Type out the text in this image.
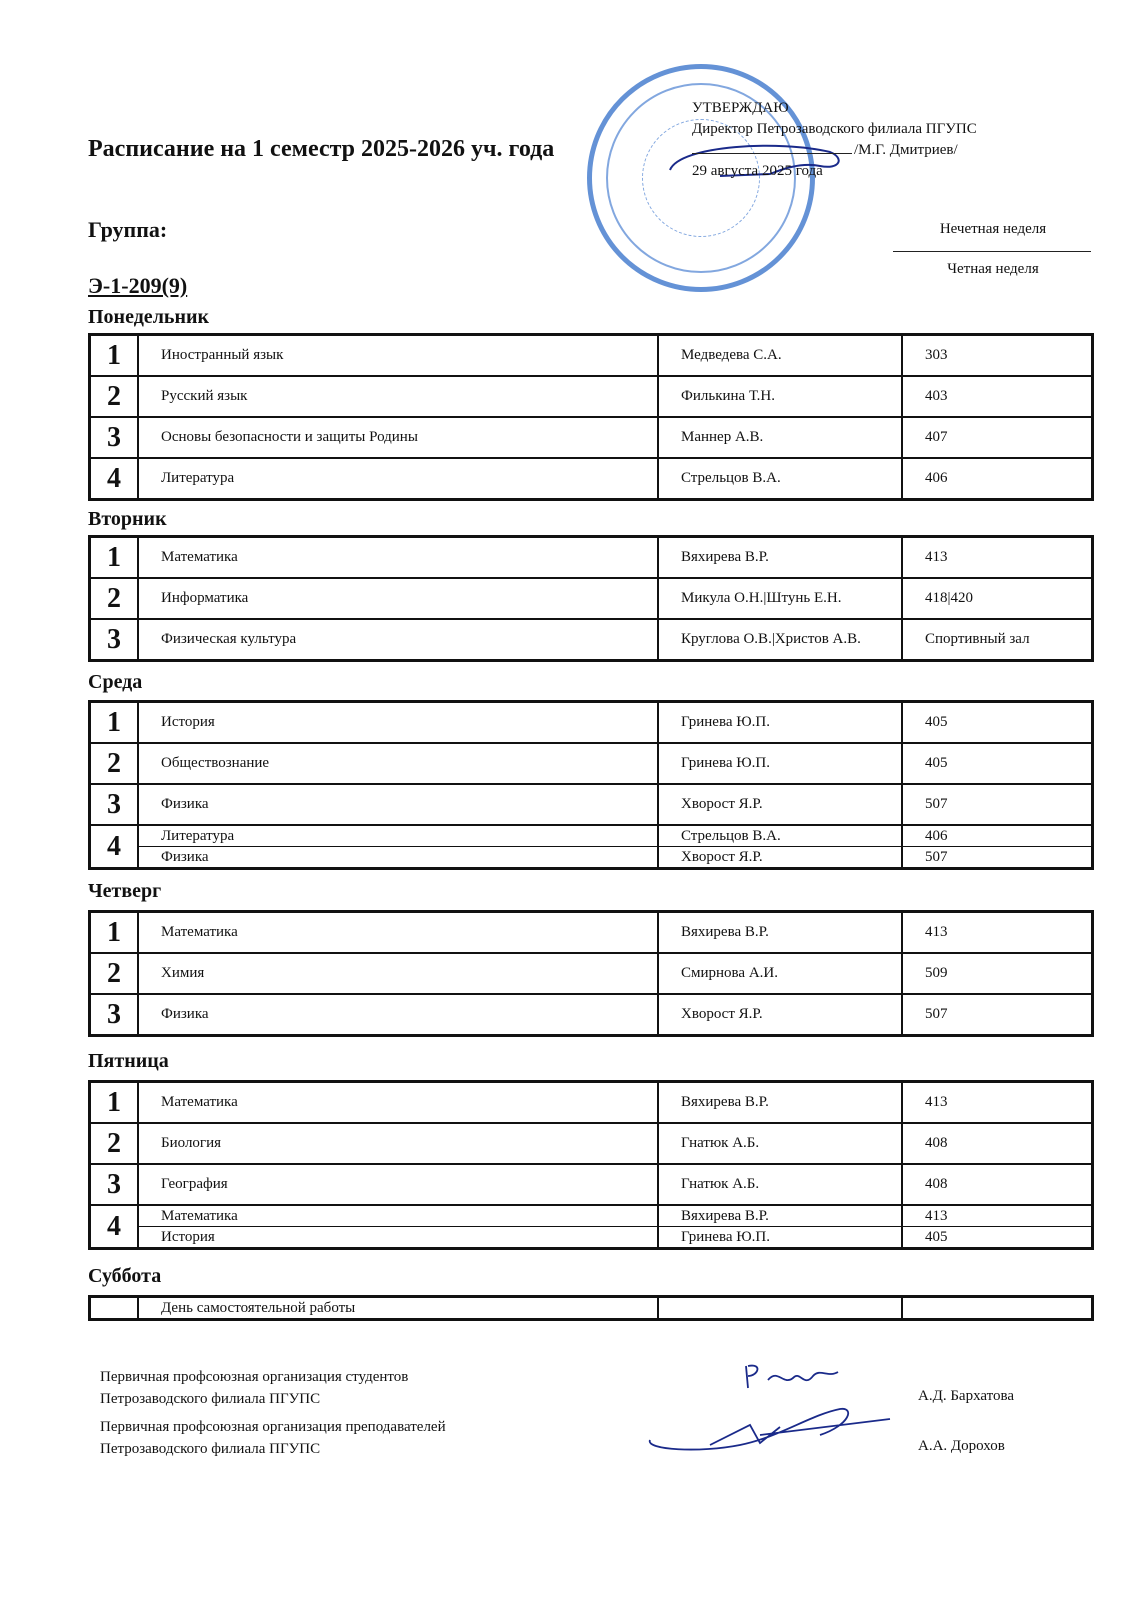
Расписание на 1 семестр 2025-2026 уч. года
Группа:
Э-1-209(9)
УТВЕРЖДАЮ
Директор Петрозаводского филиала ПГУПС
/М.Г. Дмитриев/
29 августа 2025 года
Нечетная неделя
Четная неделя
Понедельник
1	Иностранный язык	Медведева С.А.	303
2	Русский язык	Филькина Т.Н.	403
3	Основы безопасности и защиты Родины	Маннер А.В.	407
4	Литература	Стрельцов В.А.	406
Вторник
1	Математика	Вяхирева В.Р.	413
2	Информатика	Микула О.Н.|Штунь Е.Н.	418|420
3	Физическая культура	Круглова О.В.|Христов А.В.	Спортивный зал
Среда
1	История	Гринева Ю.П.	405
2	Обществознание	Гринева Ю.П.	405
3	Физика	Хворост Я.Р.	507
4	Литература	Стрельцов В.А.	406
	Физика	Хворост Я.Р.	507
Четверг
1	Математика	Вяхирева В.Р.	413
2	Химия	Смирнова А.И.	509
3	Физика	Хворост Я.Р.	507
Пятница
1	Математика	Вяхирева В.Р.	413
2	Биология	Гнатюк А.Б.	408
3	География	Гнатюк А.Б.	408
4	Математика	Вяхирева В.Р.	413
	История	Гринева Ю.П.	405
Суббота
	День самостоятельной работы		
Первичная профсоюзная организация студентов
Петрозаводского филиала ПГУПС
Первичная профсоюзная организация преподавателей
Петрозаводского филиала ПГУПС
А.Д. Бархатова
А.А. Дорохов
